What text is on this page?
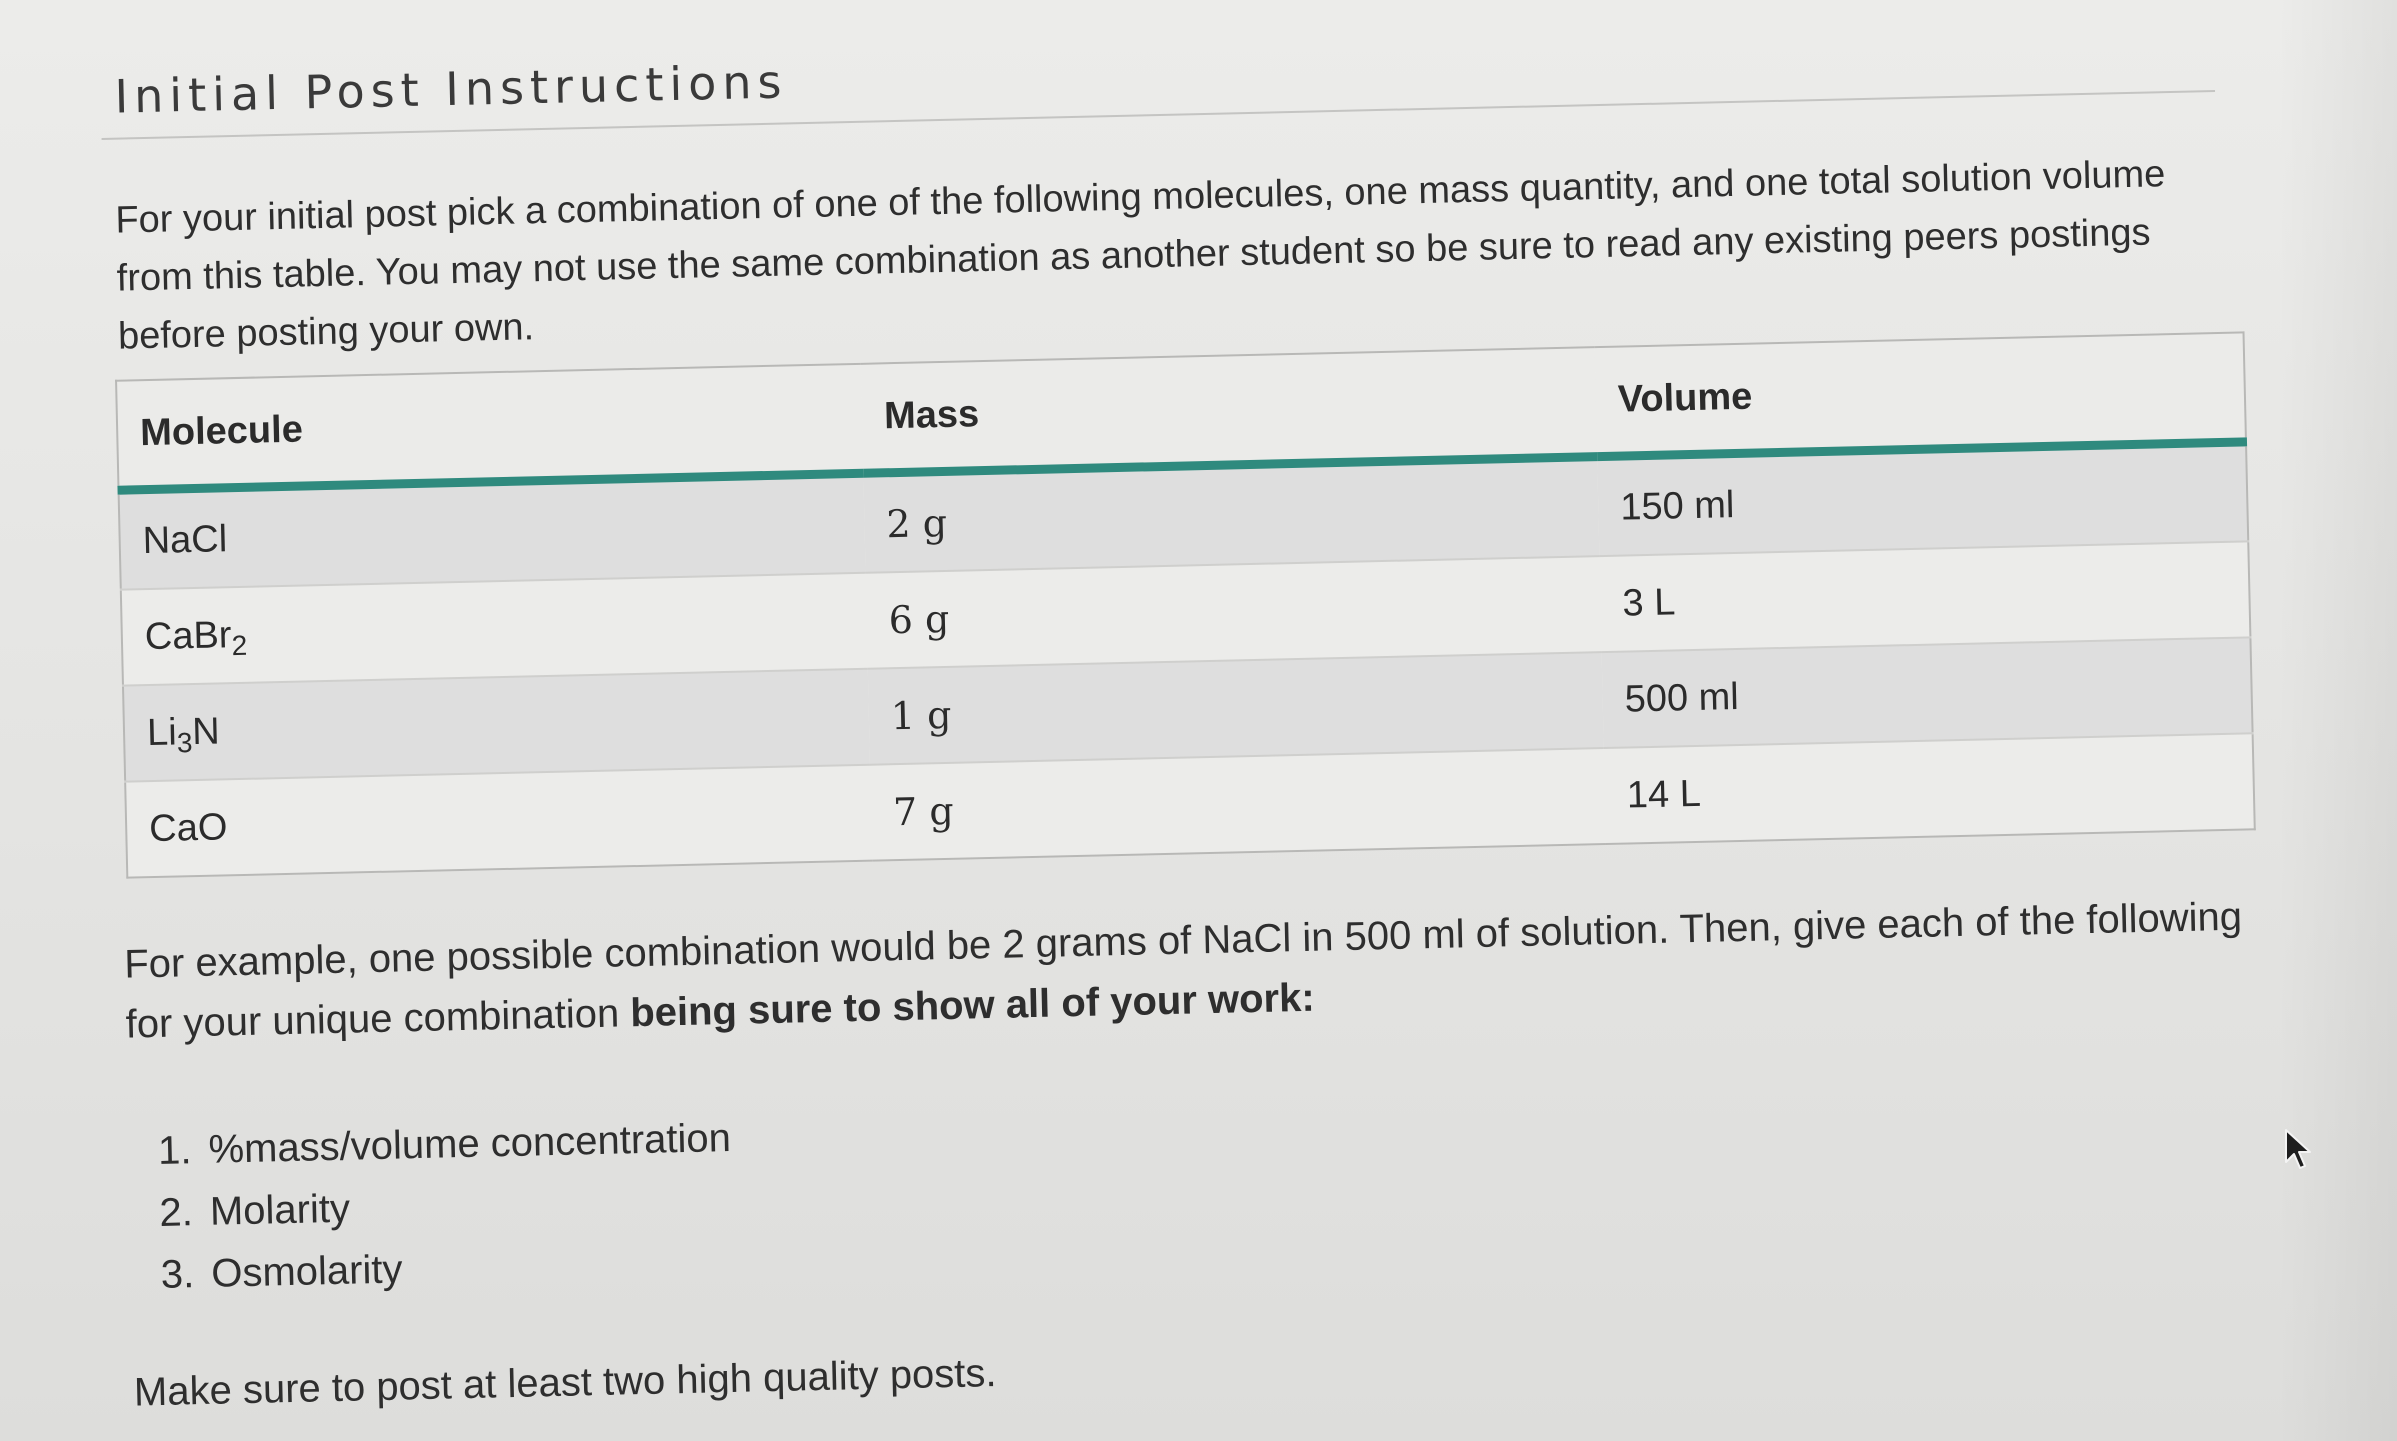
Initial Post Instructions

For your initial post pick a combination of one of the following molecules, one mass quantity, and one total solution volume from this table. You may not use the same combination as another student so be sure to read any existing peers postings before posting your own.

Molecule	Mass	Volume
NaCl	2 g	150 ml
CaBr$_2$	6 g	3 L
$Li_3N$	1 g	500 ml
CaO	7 g	14 L

For example, one possible combination would be 2 grams of NaCl in 500 ml of solution. Then, give each of the following for your unique combination being sure to show all of your work:

1. %mass/volume concentration
2. Molarity
3. Osmolarity

Make sure to post at least two high quality posts.
